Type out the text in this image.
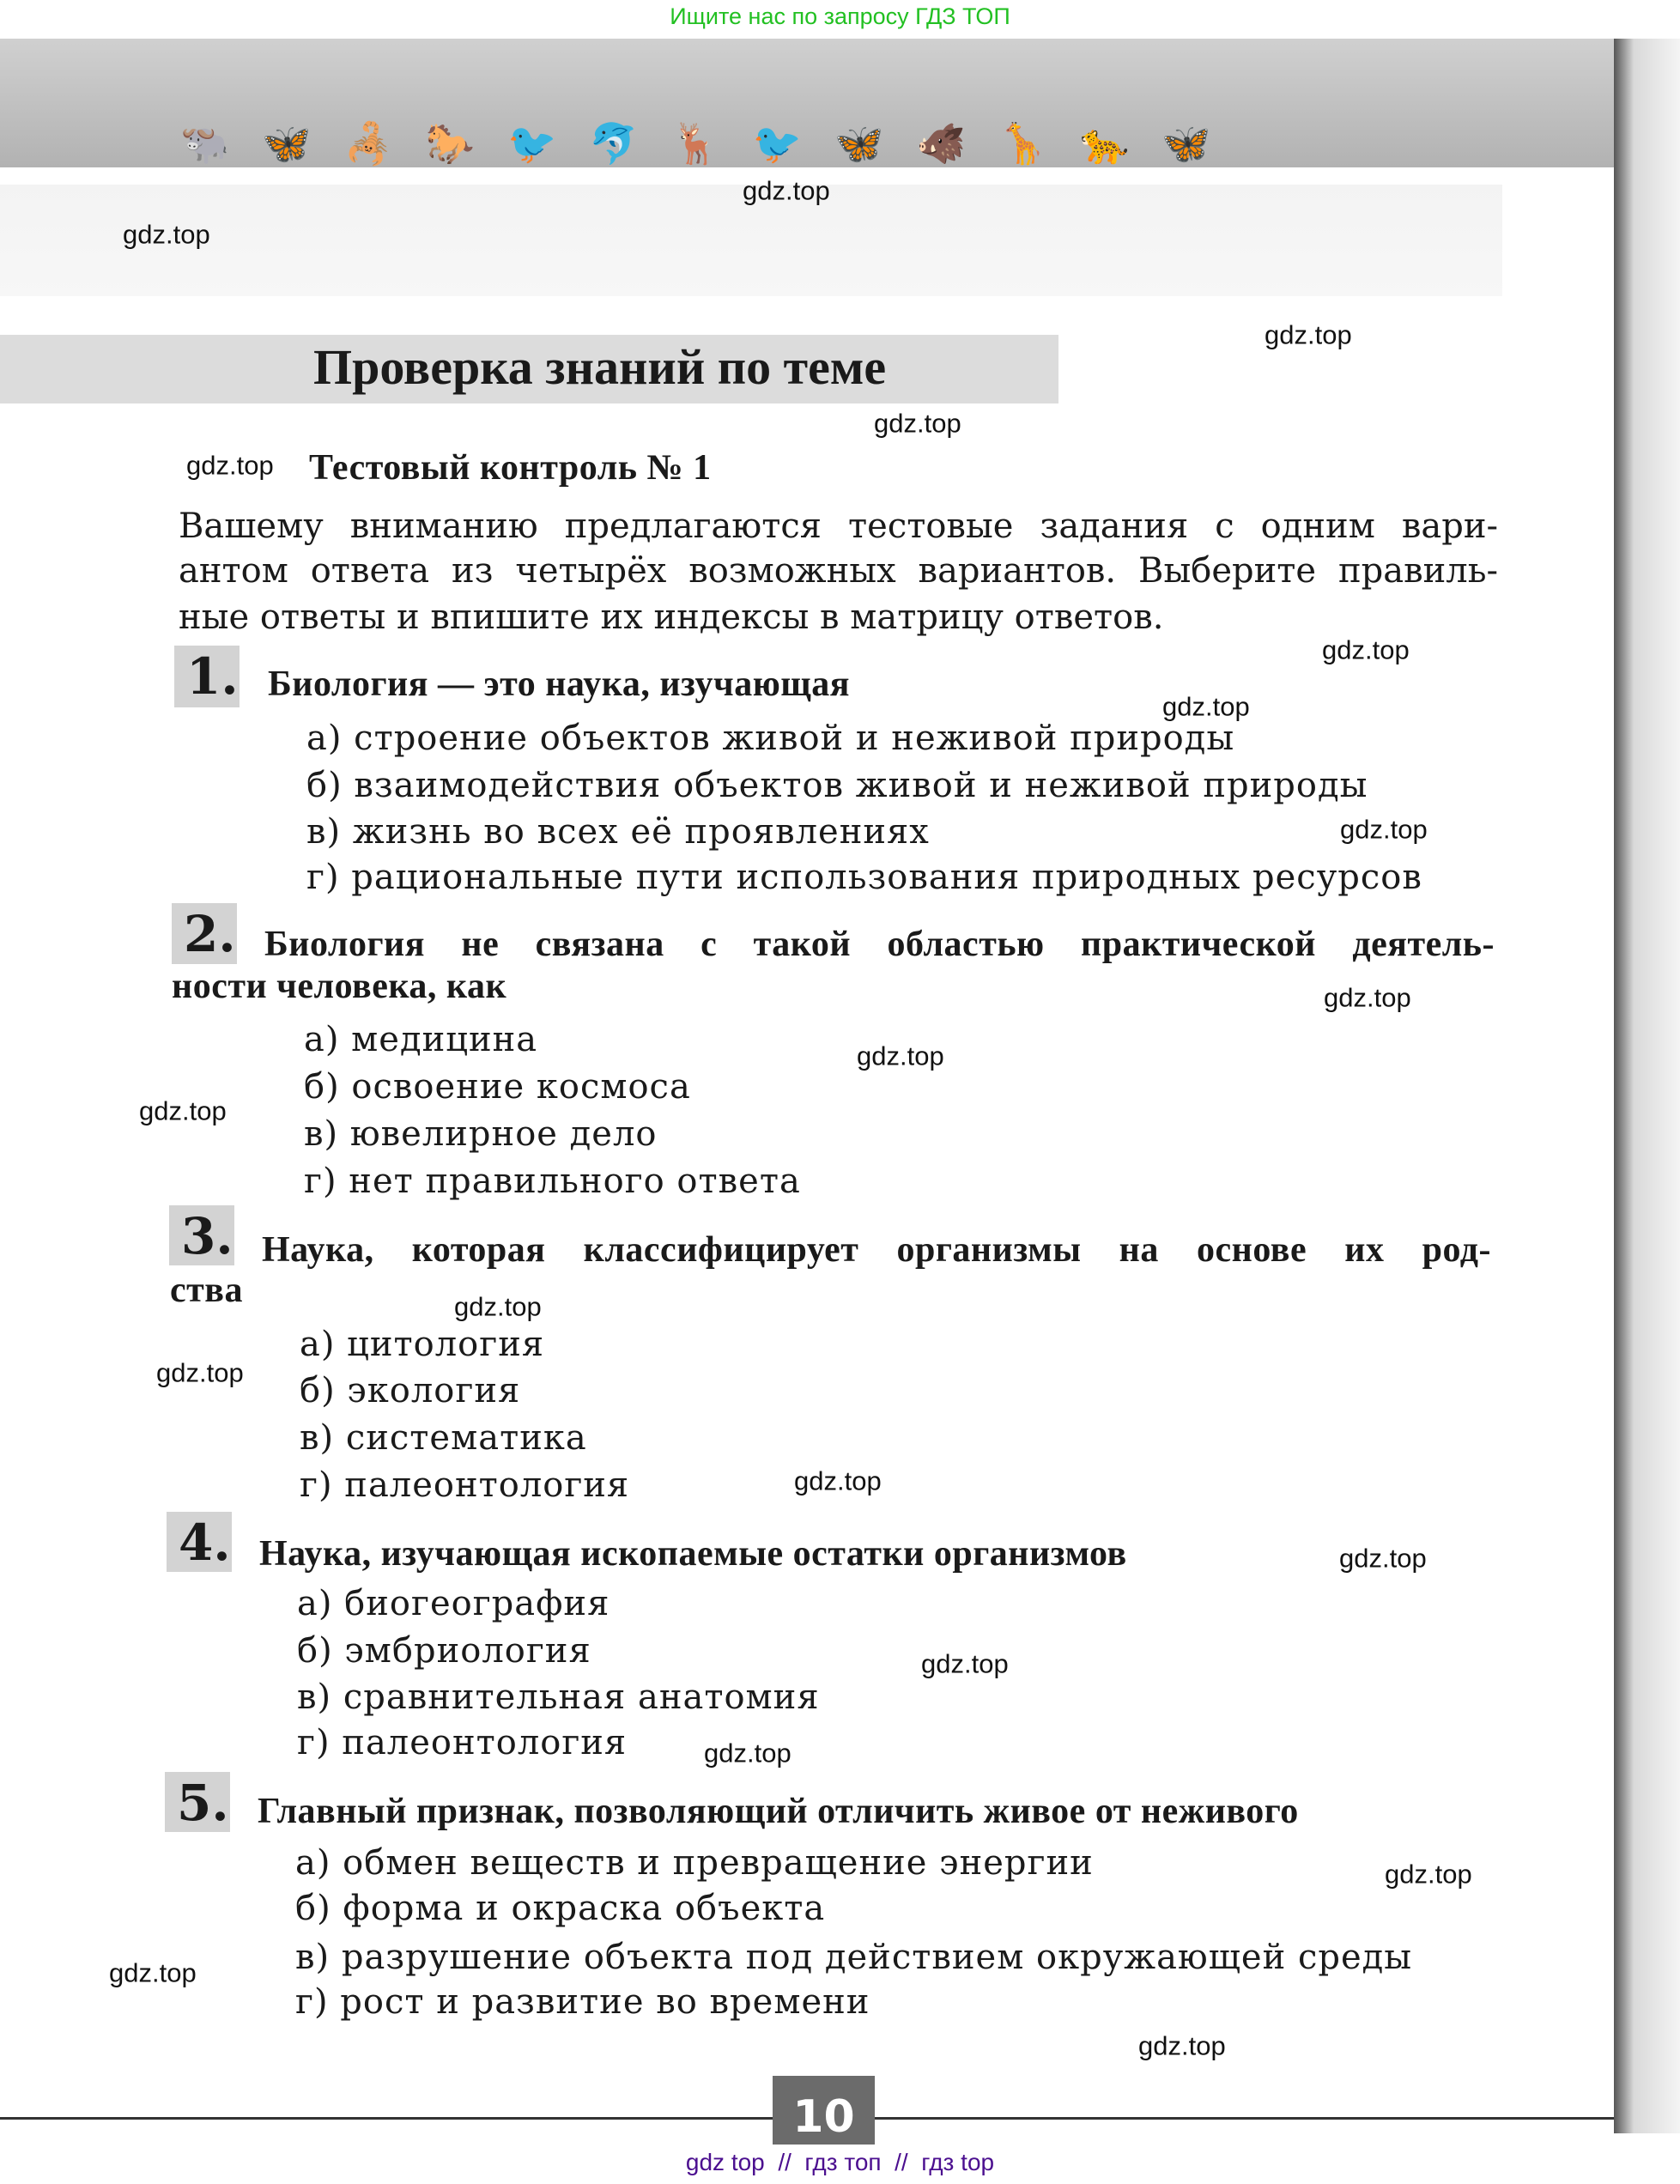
Ищите нас по запросу ГДЗ ТОП
🐃🦋🦂🐎🐦🐬🦌🐦🦋🐗🦒🐆🦋
Проверка знаний по теме
Тестовый контроль № 1
Вашему вниманию предлагаются тестовые задания с одним вари-
антом ответа из четырёх возможных вариантов. Выберите правиль-
ные ответы и впишите их индексы в матрицу ответов.
1. Биология — это наука, изучающая
а) строение объектов живой и неживой природы
б) взаимодействия объектов живой и неживой природы
в) жизнь во всех её проявлениях
г) рациональные пути использования природных ресурсов
2. Биология не связана с такой областью практической деятель-
ности человека, как
а) медицина
б) освоение космоса
в) ювелирное дело
г) нет правильного ответа
3. Наука, которая классифицирует организмы на основе их род-
ства
а) цитология
б) экология
в) систематика
г) палеонтология
4. Наука, изучающая ископаемые остатки организмов
а) биогеография
б) эмбриология
в) сравнительная анатомия
г) палеонтология
5. Главный признак, позволяющий отличить живое от неживого
а) обмен веществ и превращение энергии
б) форма и окраска объекта
в) разрушение объекта под действием окружающей среды
г) рост и развитие во времени
gdz.top
gdz.top
gdz.top
gdz.top
gdz.top
gdz.top
gdz.top
gdz.top
gdz.top
gdz.top
gdz.top
gdz.top
gdz.top
gdz.top
gdz.top
gdz.top
gdz.top
gdz.top
gdz.top
gdz.top
10
gdz top  //  гдз топ  //  гдз top
